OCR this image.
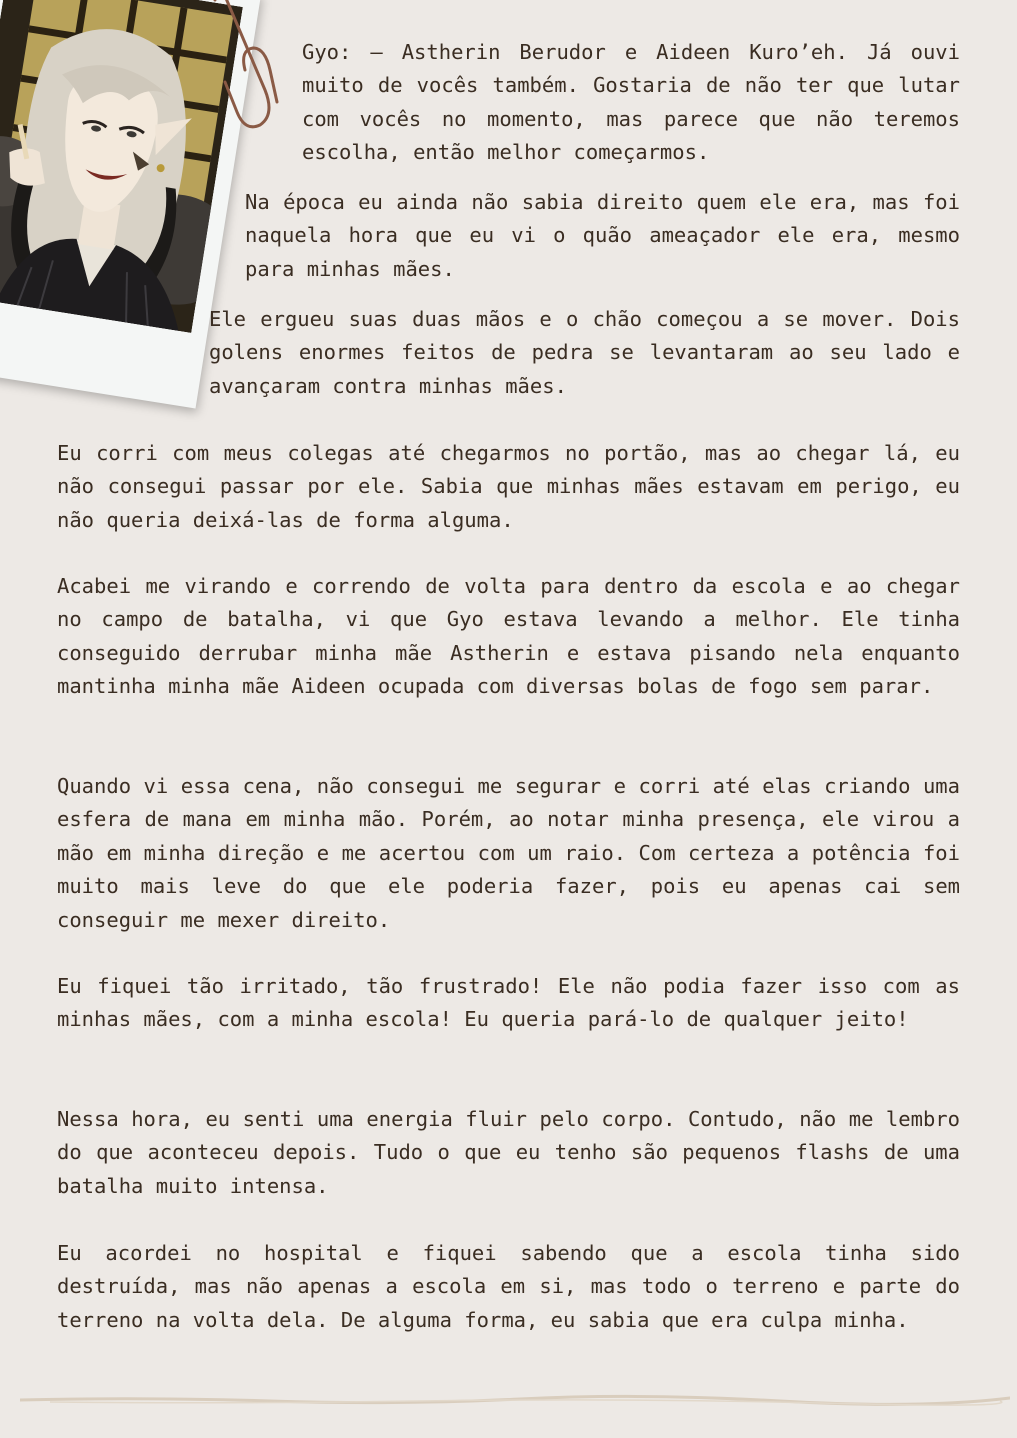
Gyo: — Astherin Berudor e Aideen Kuro’eh. Já ouvi muito de vocês também. Gostaria de não ter que lutar com vocês no momento, mas parece que não teremos escolha, então melhor começarmos.

Na época eu ainda não sabia direito quem ele era, mas foi naquela hora que eu vi o quão ameaçador ele era, mesmo para minhas mães.

Ele ergueu suas duas mãos e o chão começou a se mover. Dois golens enormes feitos de pedra se levantaram ao seu lado e avançaram contra minhas mães.

Eu corri com meus colegas até chegarmos no portão, mas ao chegar lá, eu não consegui passar por ele. Sabia que minhas mães estavam em perigo, eu não queria deixá-las de forma alguma.

Acabei me virando e correndo de volta para dentro da escola e ao chegar no campo de batalha, vi que Gyo estava levando a melhor. Ele tinha conseguido derrubar minha mãe Astherin e estava pisando nela enquanto mantinha minha mãe Aideen ocupada com diversas bolas de fogo sem parar.

Quando vi essa cena, não consegui me segurar e corri até elas criando uma esfera de mana em minha mão. Porém, ao notar minha presença, ele virou a mão em minha direção e me acertou com um raio. Com certeza a potência foi muito mais leve do que ele poderia fazer, pois eu apenas cai sem conseguir me mexer direito.

Eu fiquei tão irritado, tão frustrado! Ele não podia fazer isso com as minhas mães, com a minha escola! Eu queria pará-lo de qualquer jeito!

Nessa hora, eu senti uma energia fluir pelo corpo. Contudo, não me lembro do que aconteceu depois. Tudo o que eu tenho são pequenos flashs de uma batalha muito intensa.

Eu acordei no hospital e fiquei sabendo que a escola tinha sido destruída, mas não apenas a escola em si, mas todo o terreno e parte do terreno na volta dela. De alguma forma, eu sabia que era culpa minha.
